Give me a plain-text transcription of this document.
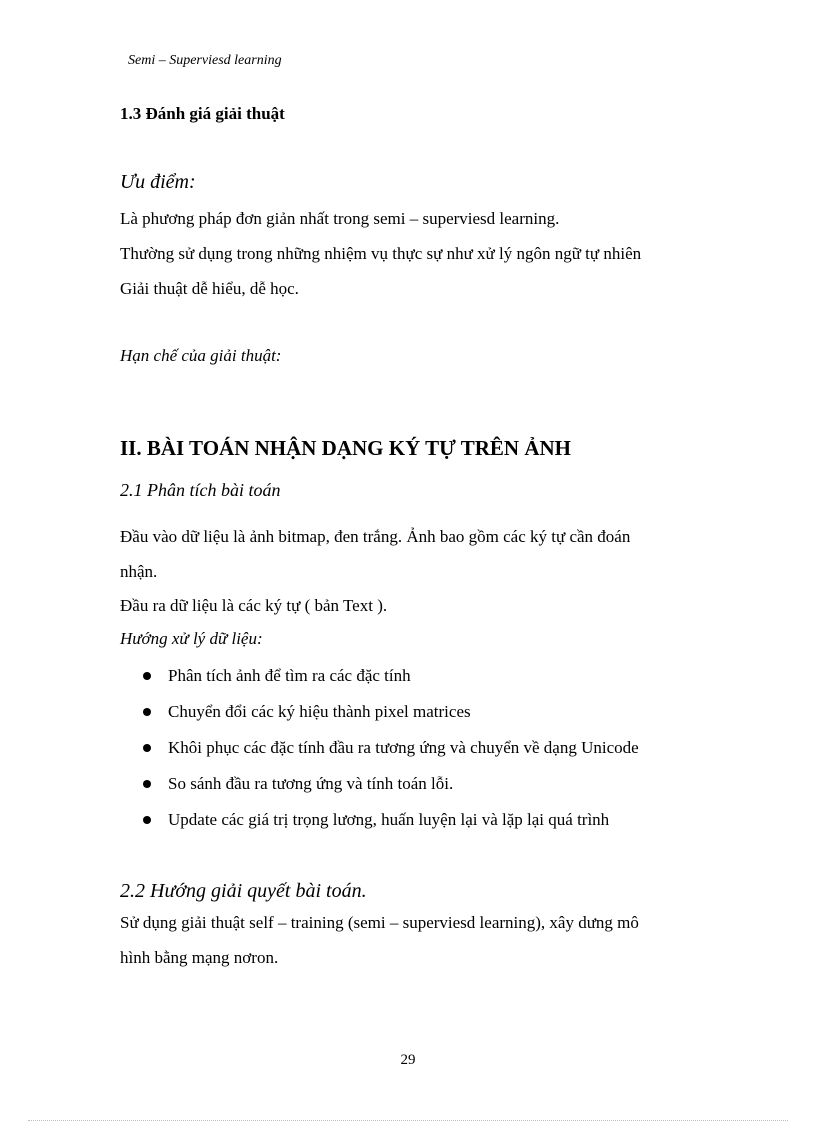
Semi – Superviesd learning
1.3 Đánh giá giải thuật
Ưu điểm:
Là phương pháp đơn giản nhất trong semi – superviesd learning.
Thường sử dụng trong những nhiệm vụ thực sự như xử lý ngôn ngữ tự nhiên
Giải thuật dễ hiểu, dễ học.
Hạn chế của giải thuật:
II. BÀI TOÁN NHẬN DẠNG KÝ TỰ TRÊN ẢNH
2.1 Phân tích bài toán
Đầu vào dữ liệu là ảnh bitmap, đen trắng. Ảnh bao gồm các ký tự cần đoán
nhận.
Đầu ra dữ liệu là các ký tự ( bản Text ).
Hướng xử lý dữ liệu:
Phân tích ảnh để tìm ra các đặc tính
Chuyển đổi các ký hiệu thành pixel matrices
Khôi phục các đặc tính đầu ra tương ứng và chuyển về dạng Unicode
So sánh đầu ra tương ứng và tính toán lỗi.
Update các giá trị trọng lương, huấn luyện lại và lặp lại quá trình
2.2 Hướng giải quyết bài toán.
Sử dụng giải thuật self – training (semi – superviesd learning), xây dưng mô
hình bằng mạng nơron.
29
